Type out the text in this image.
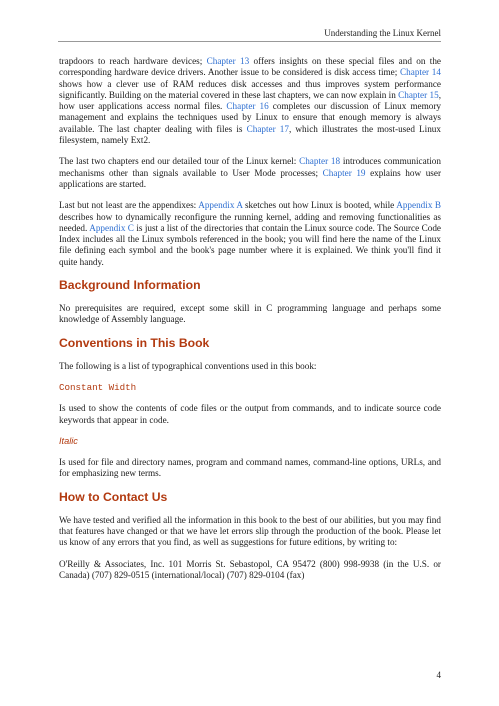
Understanding the Linux Kernel

trapdoors to reach hardware devices; Chapter 13 offers insights on these special files and on the corresponding hardware device drivers. Another issue to be considered is disk access time; Chapter 14 shows how a clever use of RAM reduces disk accesses and thus improves system performance significantly. Building on the material covered in these last chapters, we can now explain in Chapter 15, how user applications access normal files. Chapter 16 completes our discussion of Linux memory management and explains the techniques used by Linux to ensure that enough memory is always available. The last chapter dealing with files is Chapter 17, which illustrates the most-used Linux filesystem, namely Ext2.

The last two chapters end our detailed tour of the Linux kernel: Chapter 18 introduces communication mechanisms other than signals available to User Mode processes; Chapter 19 explains how user applications are started.

Last but not least are the appendixes: Appendix A sketches out how Linux is booted, while Appendix B describes how to dynamically reconfigure the running kernel, adding and removing functionalities as needed. Appendix C is just a list of the directories that contain the Linux source code. The Source Code Index includes all the Linux symbols referenced in the book; you will find here the name of the Linux file defining each symbol and the book's page number where it is explained. We think you'll find it quite handy.

Background Information

No prerequisites are required, except some skill in C programming language and perhaps some knowledge of Assembly language.

Conventions in This Book

The following is a list of typographical conventions used in this book:

Constant Width

Is used to show the contents of code files or the output from commands, and to indicate source code keywords that appear in code.

Italic

Is used for file and directory names, program and command names, command-line options, URLs, and for emphasizing new terms.

How to Contact Us

We have tested and verified all the information in this book to the best of our abilities, but you may find that features have changed or that we have let errors slip through the production of the book. Please let us know of any errors that you find, as well as suggestions for future editions, by writing to:

O'Reilly & Associates, Inc. 101 Morris St. Sebastopol, CA 95472 (800) 998-9938 (in the U.S. or Canada) (707) 829-0515 (international/local) (707) 829-0104 (fax)

4
